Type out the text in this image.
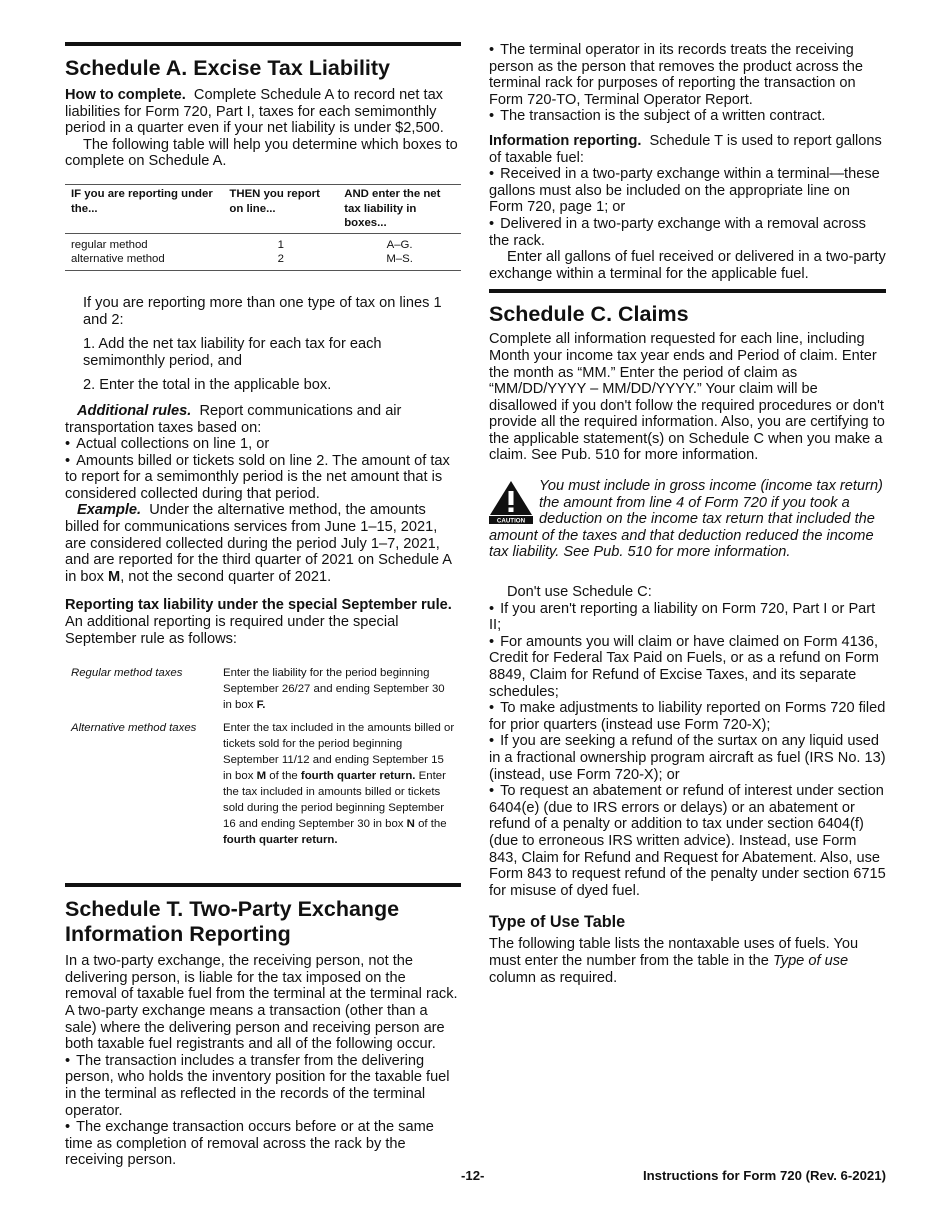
Schedule A. Excise Tax Liability

How to complete. Complete Schedule A to record net tax liabilities for Form 720, Part I, taxes for each semimonthly period in a quarter even if your net liability is under $2,500.

The following table will help you determine which boxes to complete on Schedule A.

IF you are reporting under the...	THEN you report on line...	AND enter the net tax liability in boxes...
regular method	1	A–G.
alternative method	2	M–S.

If you are reporting more than one type of tax on lines 1 and 2:

1. Add the net tax liability for each tax for each semimonthly period, and

2. Enter the total in the applicable box.

Additional rules. Report communications and air transportation taxes based on:

• Actual collections on line 1, or

• Amounts billed or tickets sold on line 2. The amount of tax to report for a semimonthly period is the net amount that is considered collected during that period.

Example. Under the alternative method, the amounts billed for communications services from June 1–15, 2021, are considered collected during the period July 1–7, 2021, and are reported for the third quarter of 2021 on Schedule A in box M, not the second quarter of 2021.

Reporting tax liability under the special September rule. An additional reporting is required under the special September rule as follows:

Regular method taxes	Enter the liability for the period beginning September 26/27 and ending September 30 in box F.
Alternative method taxes	Enter the tax included in the amounts billed or tickets sold for the period beginning September 11/12 and ending September 15 in box M of the fourth quarter return. Enter the tax included in amounts billed or tickets sold during the period beginning September 16 and ending September 30 in box N of the fourth quarter return.
Schedule T. Two-Party Exchange Information Reporting

In a two-party exchange, the receiving person, not the delivering person, is liable for the tax imposed on the removal of taxable fuel from the terminal at the terminal rack. A two-party exchange means a transaction (other than a sale) where the delivering person and receiving person are both taxable fuel registrants and all of the following occur.

• The transaction includes a transfer from the delivering person, who holds the inventory position for the taxable fuel in the terminal as reflected in the records of the terminal operator.

• The exchange transaction occurs before or at the same time as completion of removal across the rack by the receiving person.

• The terminal operator in its records treats the receiving person as the person that removes the product across the terminal rack for purposes of reporting the transaction on Form 720-TO, Terminal Operator Report.

• The transaction is the subject of a written contract.

Information reporting. Schedule T is used to report gallons of taxable fuel:

• Received in a two-party exchange within a terminal—these gallons must also be included on the appropriate line on Form 720, page 1; or

• Delivered in a two-party exchange with a removal across the rack.

Enter all gallons of fuel received or delivered in a two-party exchange within a terminal for the applicable fuel.

Schedule C. Claims

Complete all information requested for each line, including Month your income tax year ends and Period of claim. Enter the month as “MM.” Enter the period of claim as “MM/DD/YYYY – MM/DD/YYYY.” Your claim will be disallowed if you don't follow the required procedures or don't provide all the required information. Also, you are certifying to the applicable statement(s) on Schedule C when you make a claim. See Pub. 510 for more information.

CAUTION

You must include in gross income (income tax return) the amount from line 4 of Form 720 if you took a deduction on the income tax return that included the amount of the taxes and that deduction reduced the income tax liability. See Pub. 510 for more information.

Don't use Schedule C:

• If you aren't reporting a liability on Form 720, Part I or Part II;

• For amounts you will claim or have claimed on Form 4136, Credit for Federal Tax Paid on Fuels, or as a refund on Form 8849, Claim for Refund of Excise Taxes, and its separate schedules;

• To make adjustments to liability reported on Forms 720 filed for prior quarters (instead use Form 720-X);

• If you are seeking a refund of the surtax on any liquid used in a fractional ownership program aircraft as fuel (IRS No. 13) (instead, use Form 720-X); or

• To request an abatement or refund of interest under section 6404(e) (due to IRS errors or delays) or an abatement or refund of a penalty or addition to tax under section 6404(f) (due to erroneous IRS written advice). Instead, use Form 843, Claim for Refund and Request for Abatement. Also, use Form 843 to request refund of the penalty under section 6715 for misuse of dyed fuel.

Type of Use Table

The following table lists the nontaxable uses of fuels. You must enter the number from the table in the Type of use column as required.

-12-	Instructions for Form 720 (Rev. 6-2021)
